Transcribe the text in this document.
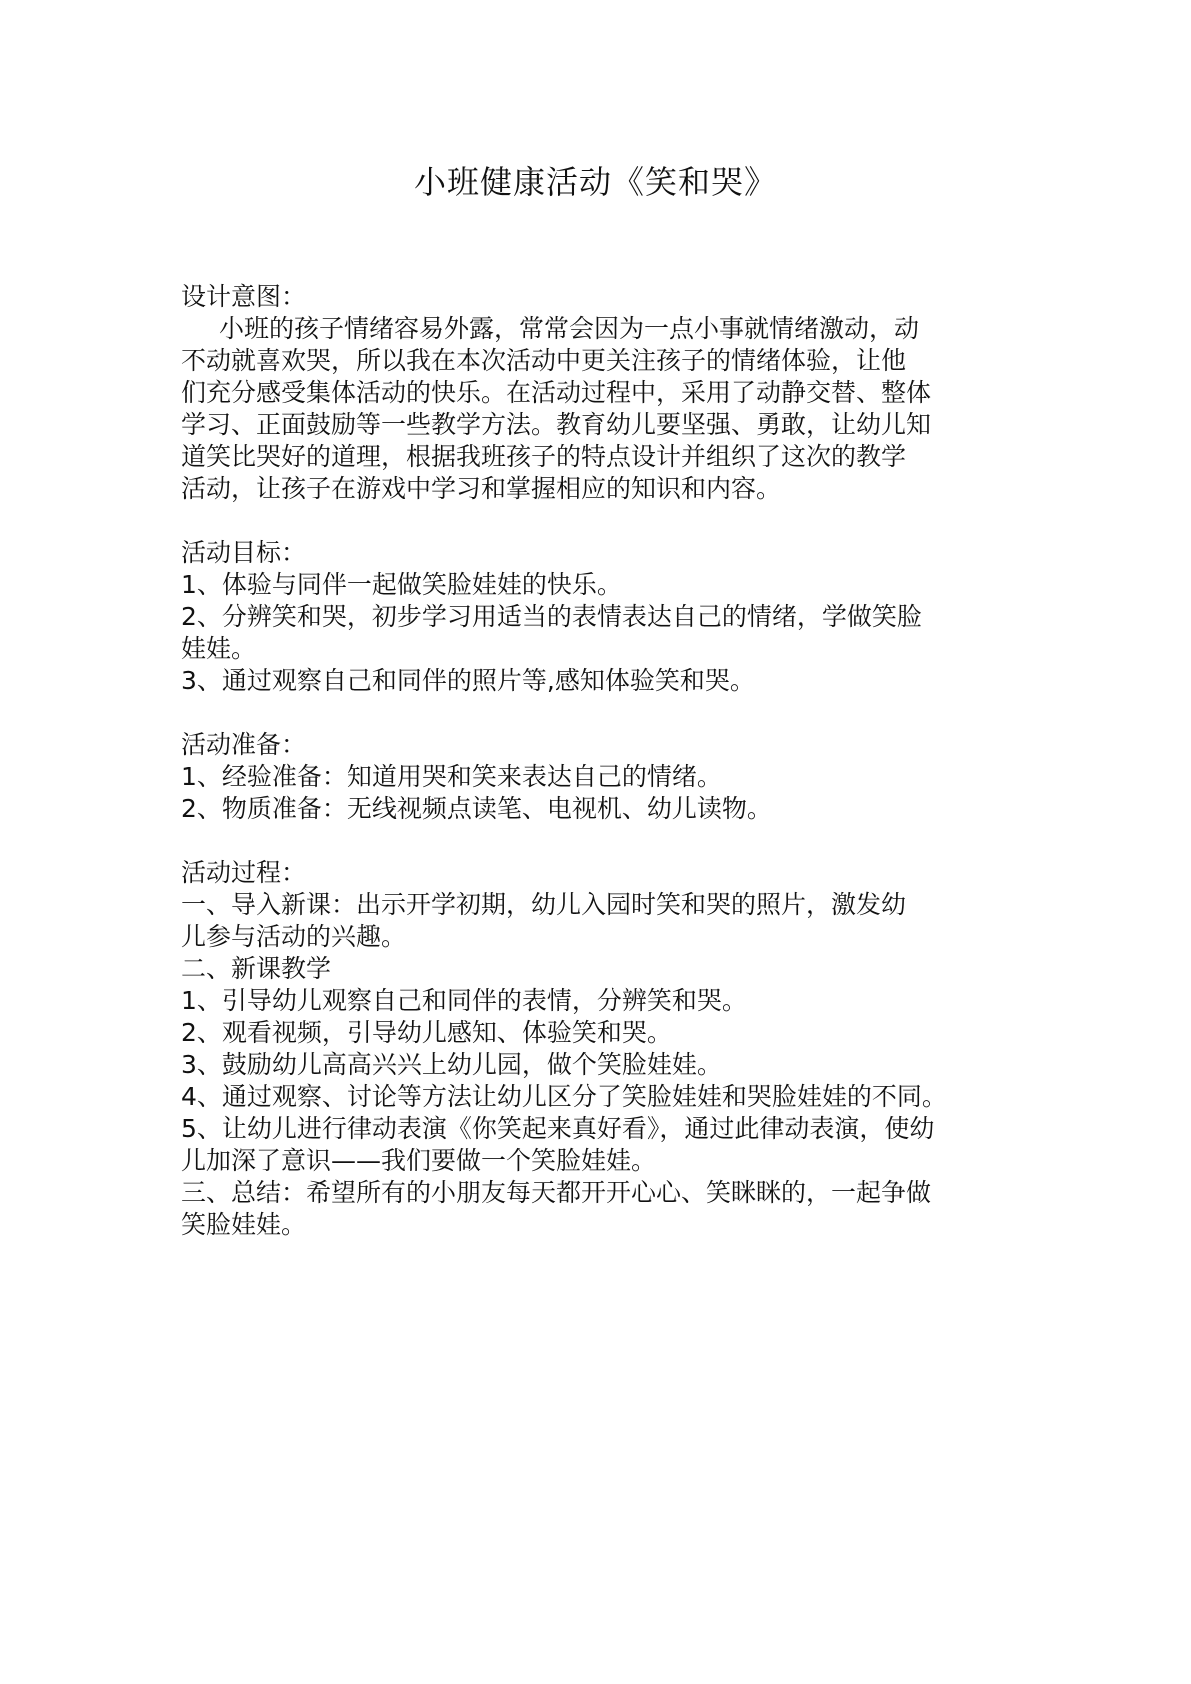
小班健康活动《笑和哭》
设计意图：
小班的孩子情绪容易外露，常常会因为一点小事就情绪激动，动
不动就喜欢哭，所以我在本次活动中更关注孩子的情绪体验，让他
们充分感受集体活动的快乐。在活动过程中，采用了动静交替、整体
学习、正面鼓励等一些教学方法。教育幼儿要坚强、勇敢，让幼儿知
道笑比哭好的道理，根据我班孩子的特点设计并组织了这次的教学
活动，让孩子在游戏中学习和掌握相应的知识和内容。
活动目标：
1、体验与同伴一起做笑脸娃娃的快乐。
2、分辨笑和哭，初步学习用适当的表情表达自己的情绪，学做笑脸
娃娃。
3、通过观察自己和同伴的照片等,感知体验笑和哭。
活动准备：
1、经验准备：知道用哭和笑来表达自己的情绪。
2、物质准备：无线视频点读笔、电视机、幼儿读物。
活动过程：
一、导入新课：出示开学初期，幼儿入园时笑和哭的照片，激发幼
儿参与活动的兴趣。
二、新课教学
1、引导幼儿观察自己和同伴的表情，分辨笑和哭。
2、观看视频，引导幼儿感知、体验笑和哭。
3、鼓励幼儿高高兴兴上幼儿园，做个笑脸娃娃。
4、通过观察、讨论等方法让幼儿区分了笑脸娃娃和哭脸娃娃的不同。
5、让幼儿进行律动表演《你笑起来真好看》，通过此律动表演，使幼
儿加深了意识——我们要做一个笑脸娃娃。
三、总结：希望所有的小朋友每天都开开心心、笑眯眯的，一起争做
笑脸娃娃。
